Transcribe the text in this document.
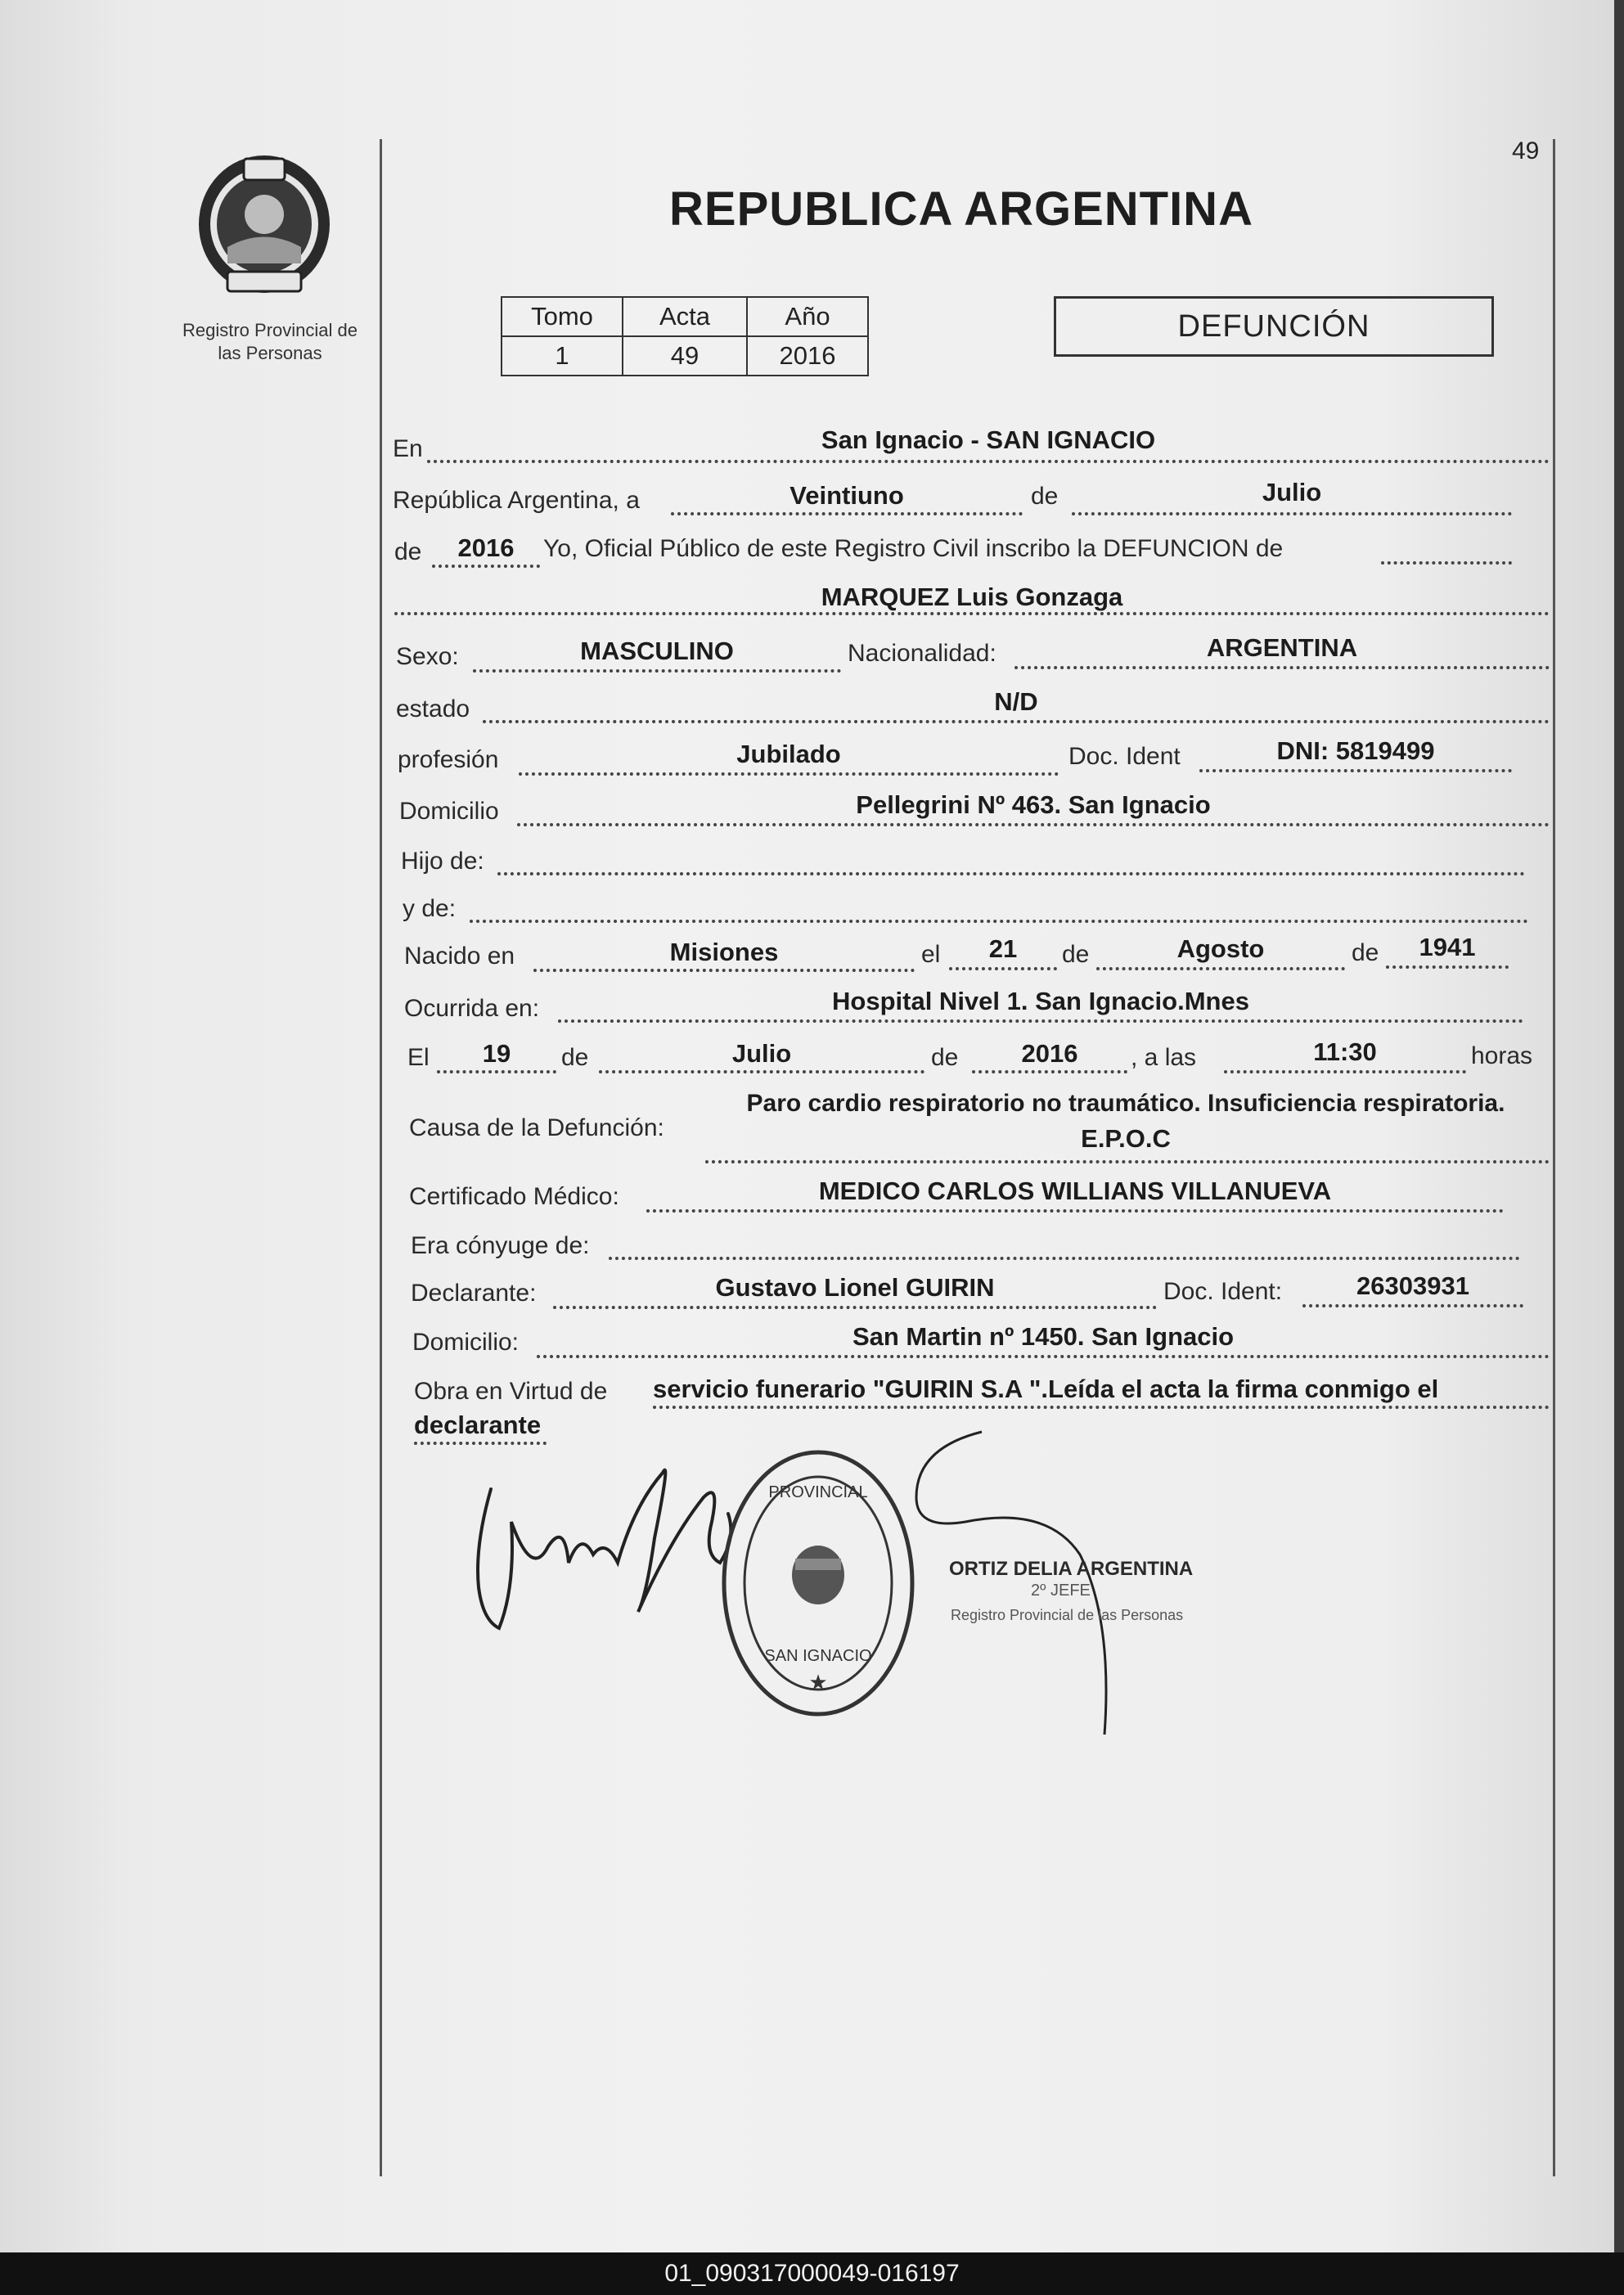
49
Registro Provincial de
las Personas
REPUBLICA ARGENTINA
Tomo	Acta	Año
1	49	2016
DEFUNCIÓN
En	San Ignacio - SAN IGNACIO
República Argentina, a	Veintiuno	de	Julio
de	2016	Yo, Oficial Público de este Registro Civil inscribo la DEFUNCION de
MARQUEZ Luis Gonzaga
Sexo:	MASCULINO	Nacionalidad:	ARGENTINA
estado	N/D
profesión	Jubilado	Doc. Ident	DNI: 5819499
Domicilio	Pellegrini Nº 463. San Ignacio
Hijo de:
y de:
Nacido en	Misiones	el	21	de	Agosto	de	1941
Ocurrida en:	Hospital Nivel 1. San Ignacio.Mnes
El	19	de	Julio	de	2016	, a las	11:30	horas
Causa de la Defunción:
Paro cardio respiratorio no traumático. Insuficiencia respiratoria.
E.P.O.C
Certificado Médico:	MEDICO CARLOS WILLIANS VILLANUEVA
Era cónyuge de:
Declarante:	Gustavo Lionel GUIRIN	Doc. Ident:	26303931
Domicilio:	San Martin nº 1450. San Ignacio
Obra en Virtud de servicio funerario "GUIRIN S.A ".Leída el acta la firma conmigo el
declarante
PROVINCIAL
SAN IGNACIO
★
ORTIZ DELIA ARGENTINA
2º JEFE
Registro Provincial de las Personas
01_090317000049-016197
